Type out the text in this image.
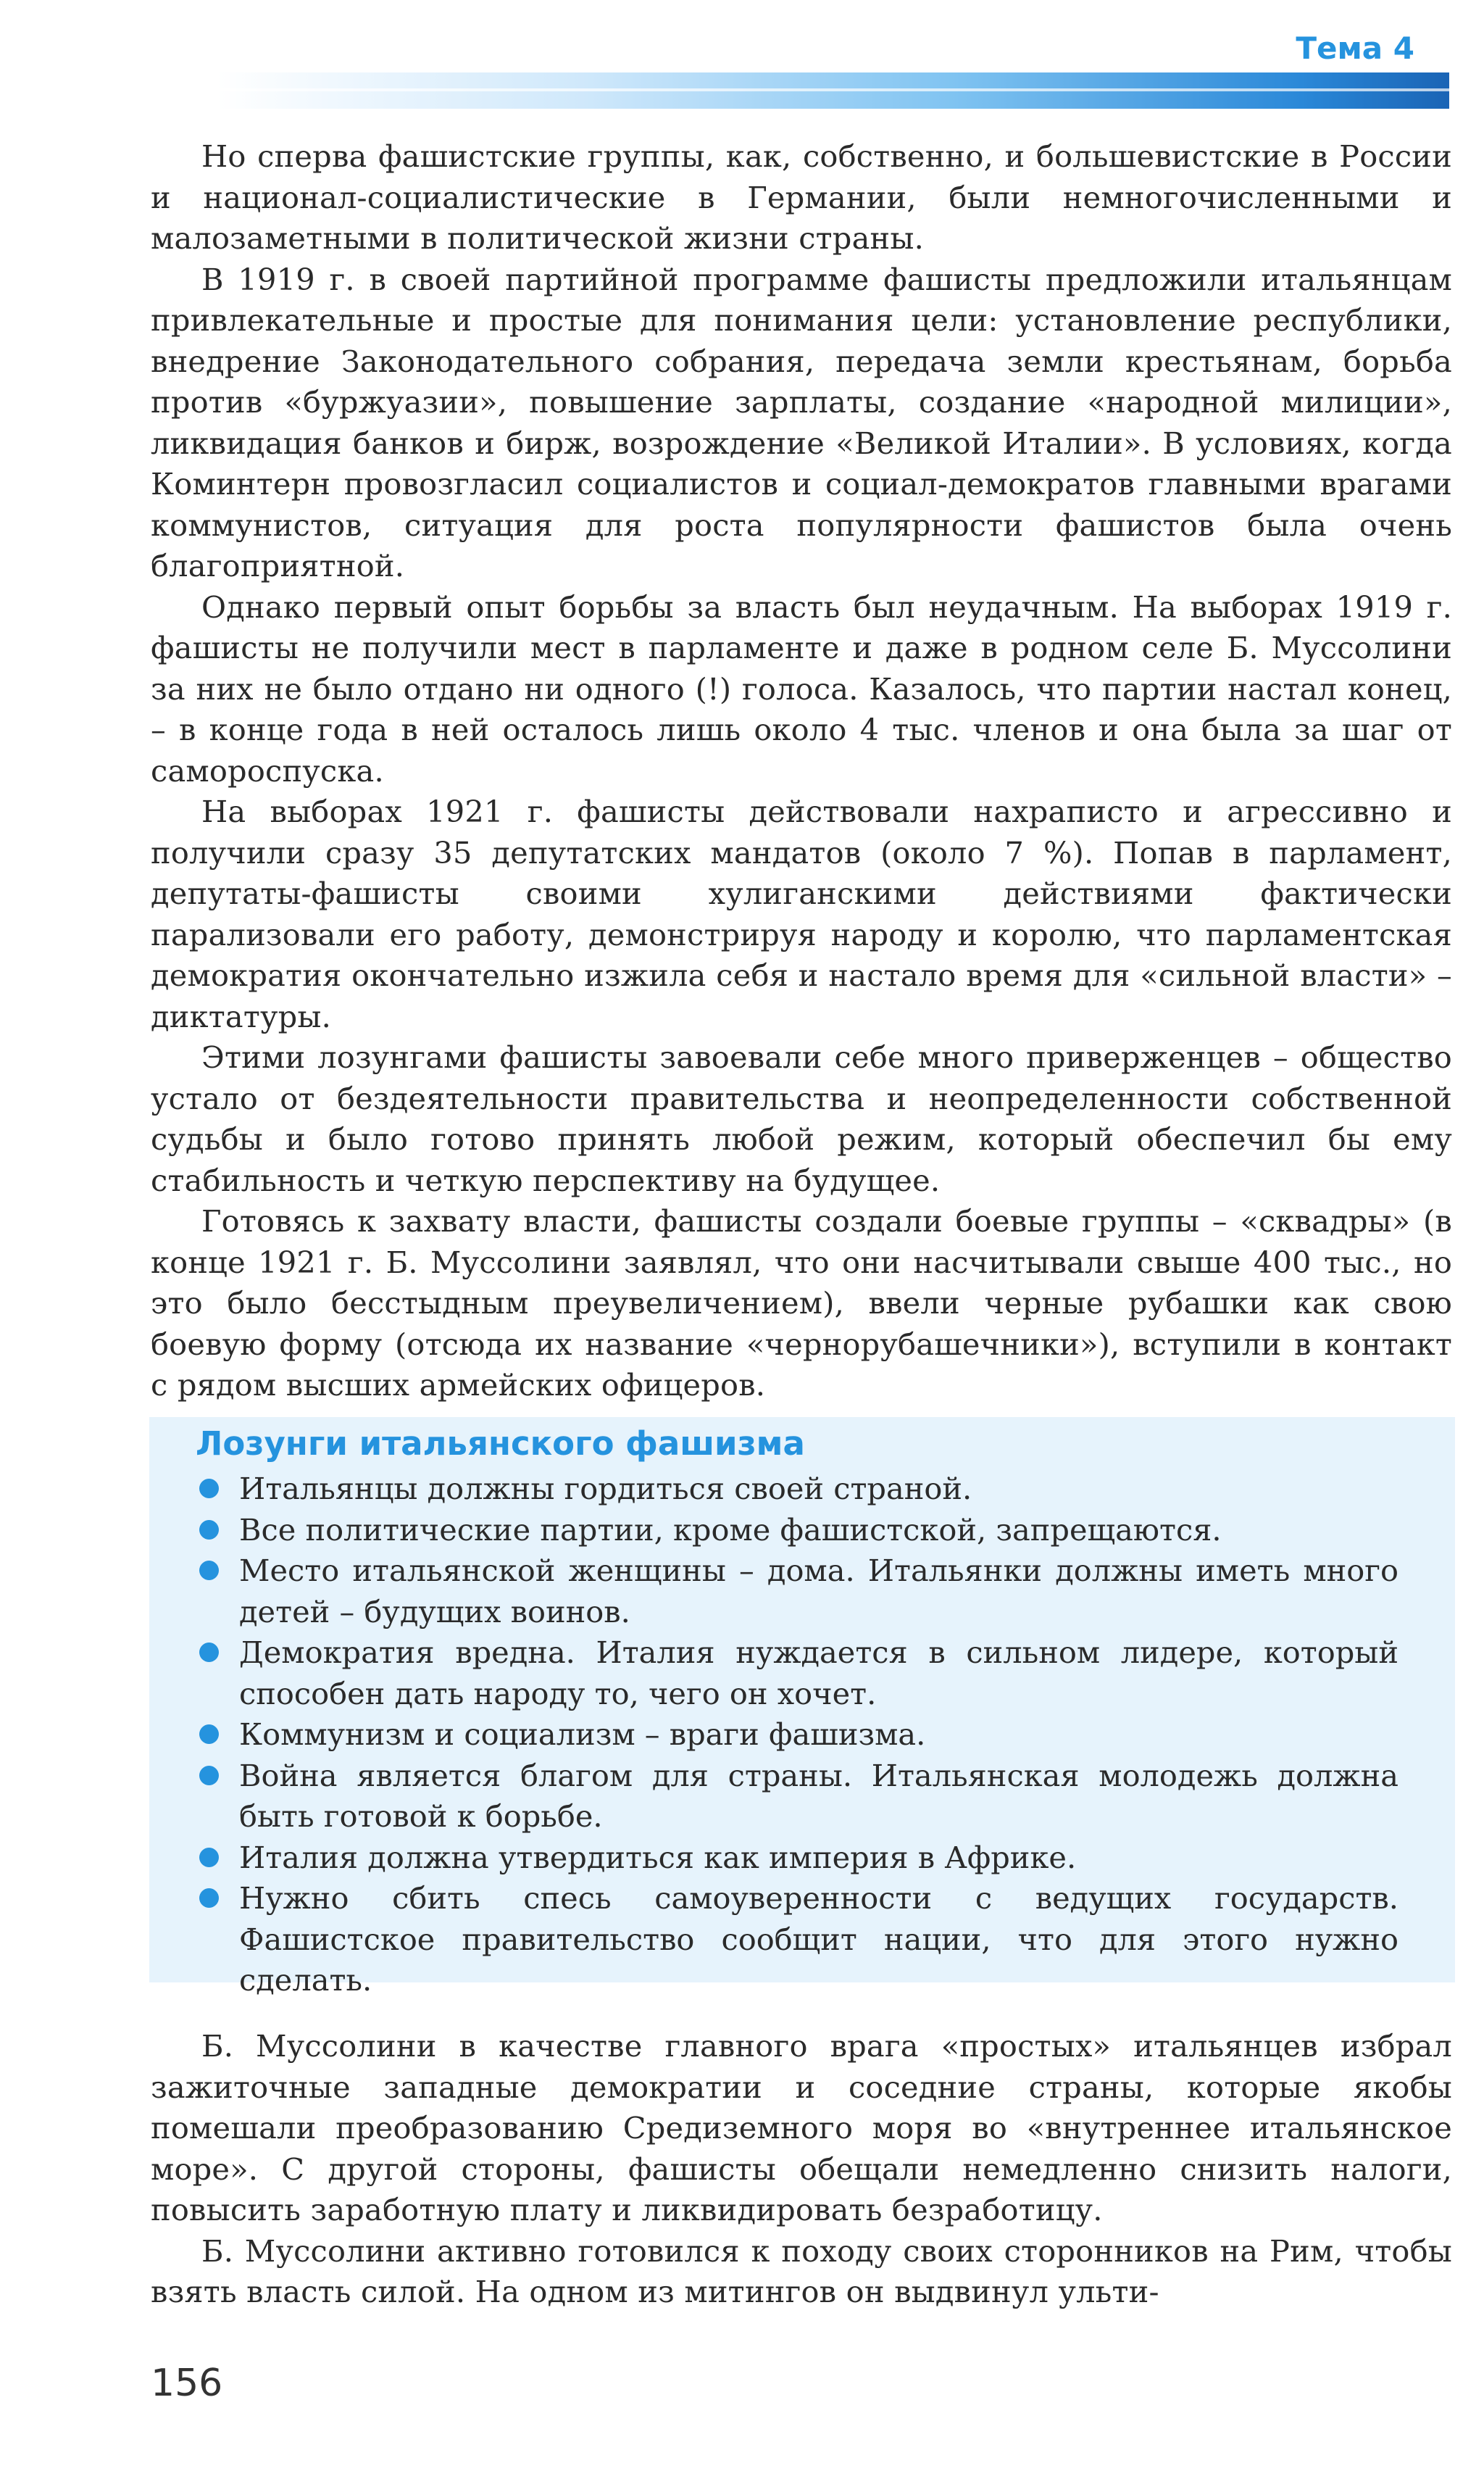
Тема 4

Но сперва фашистские группы, как, собственно, и большевистские в России и национал-социалистические в Германии, были немногочисленными и малозаметными в политической жизни страны.

В 1919 г. в своей партийной программе фашисты предложили итальянцам привлекательные и простые для понимания цели: установление республики, внедрение Законодательного собрания, передача земли крестьянам, борьба против «буржуазии», повышение зарплаты, создание «народной милиции», ликвидация банков и бирж, возрождение «Великой Италии». В условиях, когда Коминтерн провозгласил социалистов и социал-демократов главными врагами коммунистов, ситуация для роста популярности фашистов была очень благоприятной.

Однако первый опыт борьбы за власть был неудачным. На выборах 1919 г. фашисты не получили мест в парламенте и даже в родном селе Б. Муссолини за них не было отдано ни одного (!) голоса. Казалось, что партии настал конец, – в конце года в ней осталось лишь около 4 тыс. членов и она была за шаг от самороспуска.

На выборах 1921 г. фашисты действовали нахраписто и агрессивно и получили сразу 35 депутатских мандатов (около 7 %). Попав в парламент, депутаты-фашисты своими хулиганскими действиями фактически парализовали его работу, демонстрируя народу и королю, что парламентская демократия окончательно изжила себя и настало время для «сильной власти» – диктатуры.

Этими лозунгами фашисты завоевали себе много приверженцев – общество устало от бездеятельности правительства и неопределенности собственной судьбы и было готово принять любой режим, который обеспечил бы ему стабильность и четкую перспективу на будущее.

Готовясь к захвату власти, фашисты создали боевые группы – «сквадры» (в конце 1921 г. Б. Муссолини заявлял, что они насчитывали свыше 400 тыс., но это было бесстыдным преувеличением), ввели черные рубашки как свою боевую форму (отсюда их название «чернорубашечники»), вступили в контакт с рядом высших армейских офицеров.

Лозунги итальянского фашизма
Итальянцы должны гордиться своей страной.
Все политические партии, кроме фашистской, запрещаются.
Место итальянской женщины – дома. Итальянки должны иметь много детей – будущих воинов.
Демократия вредна. Италия нуждается в сильном лидере, который способен дать народу то, чего он хочет.
Коммунизм и социализм – враги фашизма.
Война является благом для страны. Итальянская молодежь должна быть готовой к борьбе.
Италия должна утвердиться как империя в Африке.
Нужно сбить спесь самоуверенности с ведущих государств. Фашистское правительство сообщит нации, что для этого нужно сделать.

Б. Муссолини в качестве главного врага «простых» итальянцев избрал зажиточные западные демократии и соседние страны, которые якобы помешали преобразованию Средиземного моря во «внутреннее итальянское море». С другой стороны, фашисты обещали немедленно снизить налоги, повысить заработную плату и ликвидировать безработицу.

Б. Муссолини активно готовился к походу своих сторонников на Рим, чтобы взять власть силой. На одном из митингов он выдвинул ульти-

156
